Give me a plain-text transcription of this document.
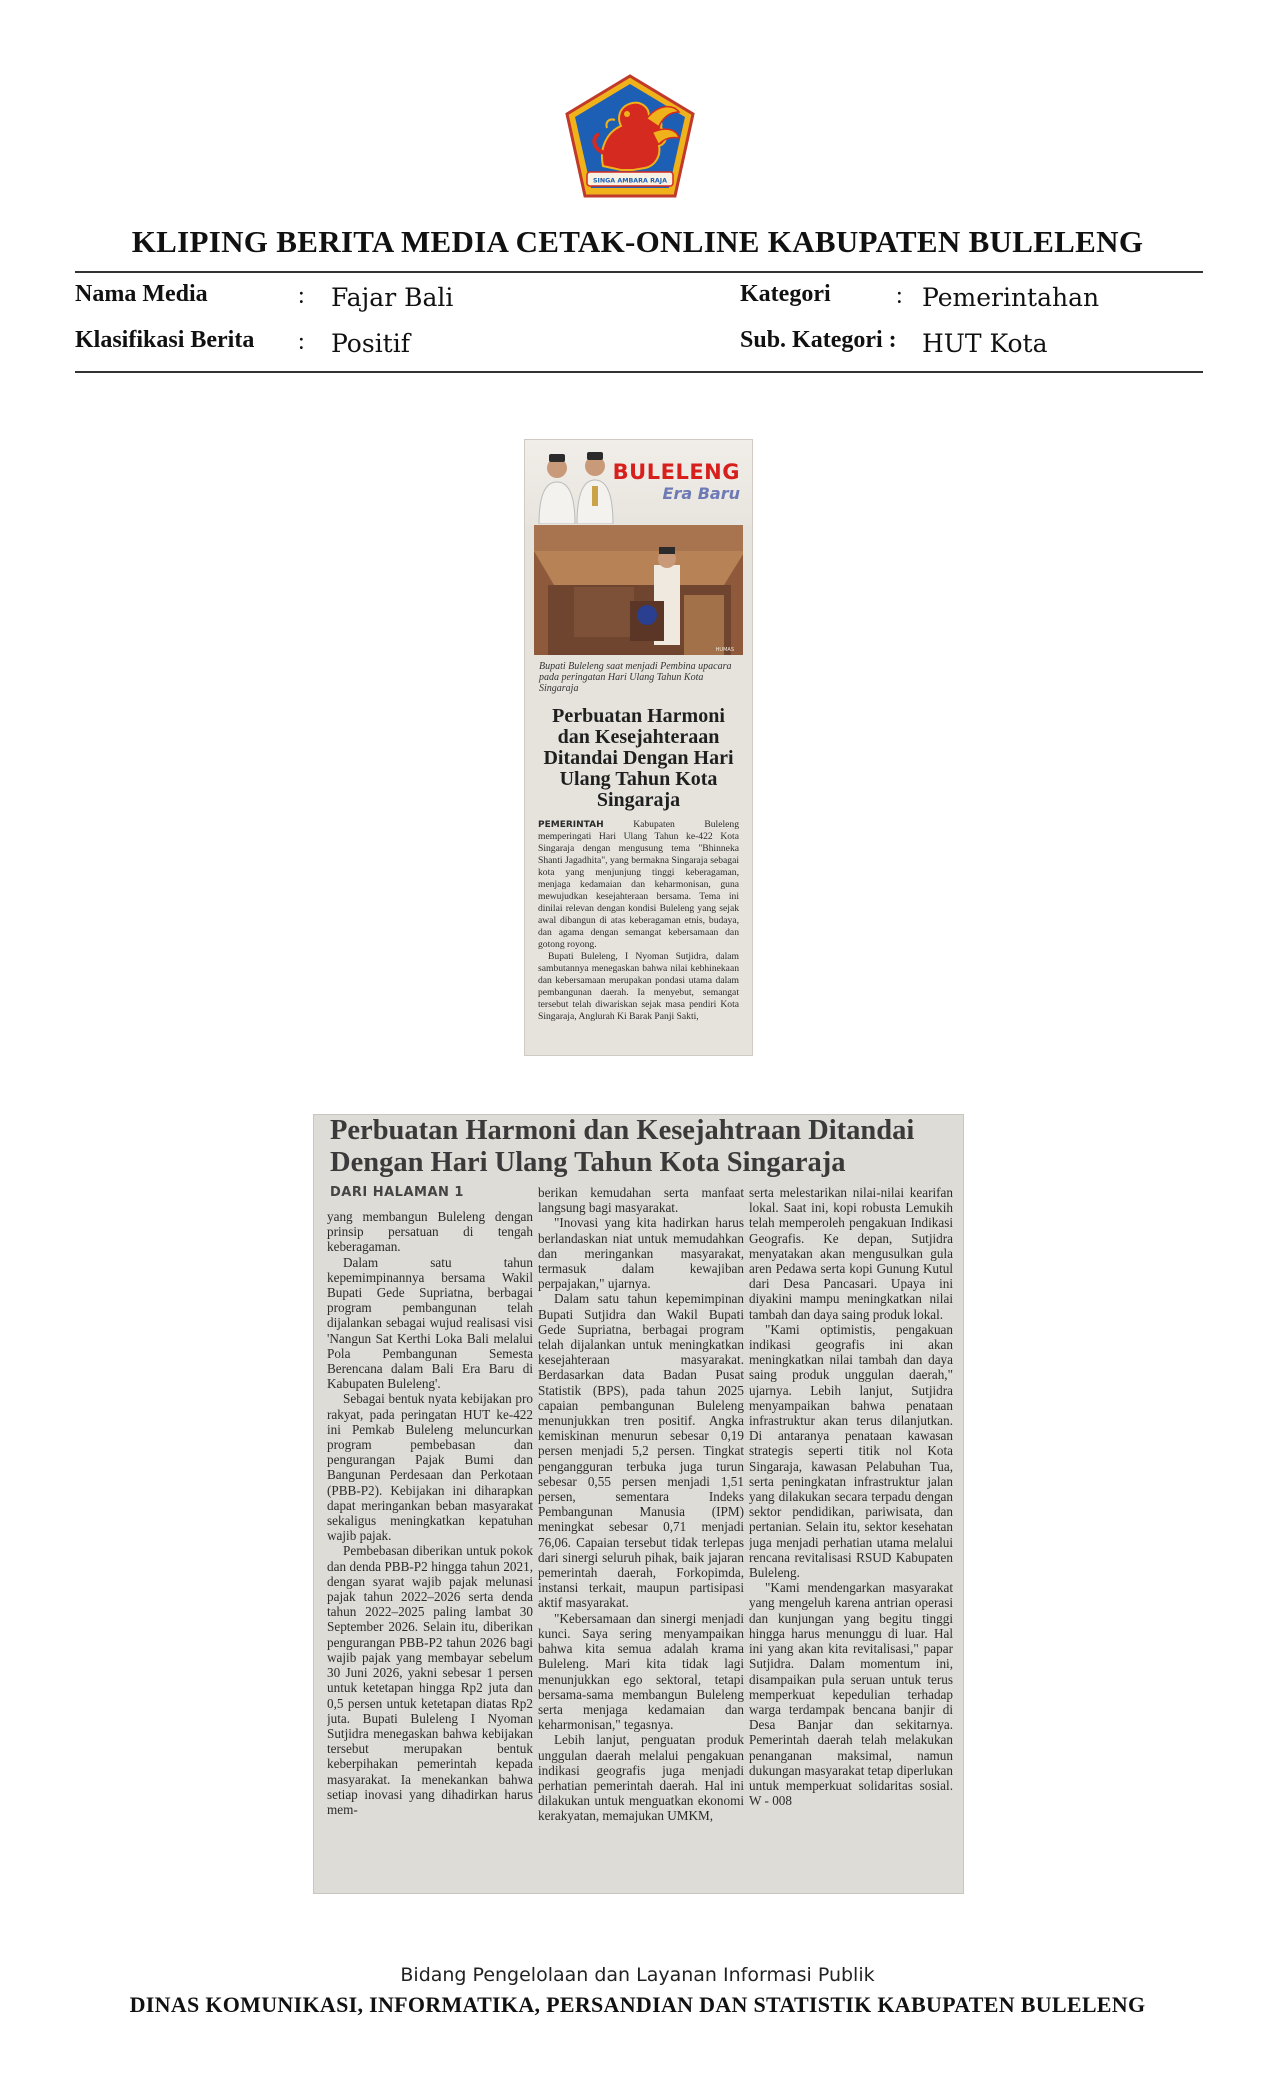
SINGA AMBARA RAJA
KLIPING BERITA MEDIA CETAK-ONLINE KABUPATEN BULELENG
Nama Media	: Fajar Bali
Klasifikasi Berita : Positif
Kategori	: Pemerintahan
Sub. Kategori : HUT Kota
BULELENG
Era Baru
HUMAS
Bupati Buleleng saat menjadi Pembina upacara pada peringatan Hari Ulang Tahun Kota Singaraja
Perbuatan Harmoni dan Kesejahteraan Ditandai Dengan Hari Ulang Tahun Kota Singaraja
PEMERINTAH Kabupaten Buleleng memperingati Hari Ulang Tahun ke-422 Kota Singaraja dengan mengusung tema "Bhinneka Shanti Jagadhita", yang bermakna Singaraja sebagai kota yang menjunjung tinggi keberagaman, menjaga kedamaian dan keharmonisan, guna mewujudkan kesejahteraan bersama. Tema ini dinilai relevan dengan kondisi Buleleng yang sejak awal dibangun di atas keberagaman etnis, budaya, dan agama dengan semangat kebersamaan dan gotong royong.
Bupati Buleleng, I Nyoman Sutjidra, dalam sambutannya menegaskan bahwa nilai kebhinekaan dan kebersamaan merupakan pondasi utama dalam pembangunan daerah. Ia menyebut, semangat tersebut telah diwariskan sejak masa pendiri Kota Singaraja, Anglurah Ki Barak Panji Sakti,
Perbuatan Harmoni dan Kesejahtraan Ditandai Dengan Hari Ulang Tahun Kota Singaraja
DARI HALAMAN 1

yang membangun Buleleng dengan prinsip persatuan di tengah keberagaman.

Dalam satu tahun kepemimpinannya bersama Wakil Bupati Gede Supriatna, berbagai program pembangunan telah dijalankan sebagai wujud realisasi visi 'Nangun Sat Kerthi Loka Bali melalui Pola Pembangunan Semesta Berencana dalam Bali Era Baru di Kabupaten Buleleng'.

Sebagai bentuk nyata kebijakan pro rakyat, pada peringatan HUT ke-422 ini Pemkab Buleleng meluncurkan program pembebasan dan pengurangan Pajak Bumi dan Bangunan Perdesaan dan Perkotaan (PBB-P2). Kebijakan ini diharapkan dapat meringankan beban masyarakat sekaligus meningkatkan kepatuhan wajib pajak.

Pembebasan diberikan untuk pokok dan denda PBB-P2 hingga tahun 2021, dengan syarat wajib pajak melunasi pajak tahun 2022–2026 serta denda tahun 2022–2025 paling lambat 30 September 2026. Selain itu, diberikan pengurangan PBB-P2 tahun 2026 bagi wajib pajak yang membayar sebelum 30 Juni 2026, yakni sebesar 1 persen untuk ketetapan hingga Rp2 juta dan 0,5 persen untuk ketetapan diatas Rp2 juta. Bupati Buleleng I Nyoman Sutjidra menegaskan bahwa kebijakan tersebut merupakan bentuk keberpihakan pemerintah kepada masyarakat. Ia menekankan bahwa setiap inovasi yang dihadirkan harus mem-

berikan kemudahan serta manfaat langsung bagi masyarakat.

"Inovasi yang kita hadirkan harus berlandaskan niat untuk memudahkan dan meringankan masyarakat, termasuk dalam kewajiban perpajakan," ujarnya.

Dalam satu tahun kepemimpinan Bupati Sutjidra dan Wakil Bupati Gede Supriatna, berbagai program telah dijalankan untuk meningkatkan kesejahteraan masyarakat. Berdasarkan data Badan Pusat Statistik (BPS), pada tahun 2025 capaian pembangunan Buleleng menunjukkan tren positif. Angka kemiskinan menurun sebesar 0,19 persen menjadi 5,2 persen. Tingkat pengangguran terbuka juga turun sebesar 0,55 persen menjadi 1,51 persen, sementara Indeks Pembangunan Manusia (IPM) meningkat sebesar 0,71 menjadi 76,06. Capaian tersebut tidak terlepas dari sinergi seluruh pihak, baik jajaran pemerintah daerah, Forkopimda, instansi terkait, maupun partisipasi aktif masyarakat.

"Kebersamaan dan sinergi menjadi kunci. Saya sering menyampaikan bahwa kita semua adalah krama Buleleng. Mari kita tidak lagi menunjukkan ego sektoral, tetapi bersama-sama membangun Buleleng serta menjaga kedamaian dan keharmonisan," tegasnya.

Lebih lanjut, penguatan produk unggulan daerah melalui pengakuan indikasi geografis juga menjadi perhatian pemerintah daerah. Hal ini dilakukan untuk menguatkan ekonomi kerakyatan, memajukan UMKM,

serta melestarikan nilai-nilai kearifan lokal. Saat ini, kopi robusta Lemukih telah memperoleh pengakuan Indikasi Geografis. Ke depan, Sutjidra menyatakan akan mengusulkan gula aren Pedawa serta kopi Gunung Kutul dari Desa Pancasari. Upaya ini diyakini mampu meningkatkan nilai tambah dan daya saing produk lokal.

"Kami optimistis, pengakuan indikasi geografis ini akan meningkatkan nilai tambah dan daya saing produk unggulan daerah," ujarnya. Lebih lanjut, Sutjidra menyampaikan bahwa penataan infrastruktur akan terus dilanjutkan. Di antaranya penataan kawasan strategis seperti titik nol Kota Singaraja, kawasan Pelabuhan Tua, serta peningkatan infrastruktur jalan yang dilakukan secara terpadu dengan sektor pendidikan, pariwisata, dan pertanian. Selain itu, sektor kesehatan juga menjadi perhatian utama melalui rencana revitalisasi RSUD Kabupaten Buleleng.

"Kami mendengarkan masyarakat yang mengeluh karena antrian operasi dan kunjungan yang begitu tinggi hingga harus menunggu di luar. Hal ini yang akan kita revitalisasi," papar Sutjidra. Dalam momentum ini, disampaikan pula seruan untuk terus memperkuat kepedulian terhadap warga terdampak bencana banjir di Desa Banjar dan sekitarnya. Pemerintah daerah telah melakukan penanganan maksimal, namun dukungan masyarakat tetap diperlukan untuk memperkuat solidaritas sosial. W - 008

Bidang Pengelolaan dan Layanan Informasi Publik
DINAS KOMUNIKASI, INFORMATIKA, PERSANDIAN DAN STATISTIK KABUPATEN BULELENG
